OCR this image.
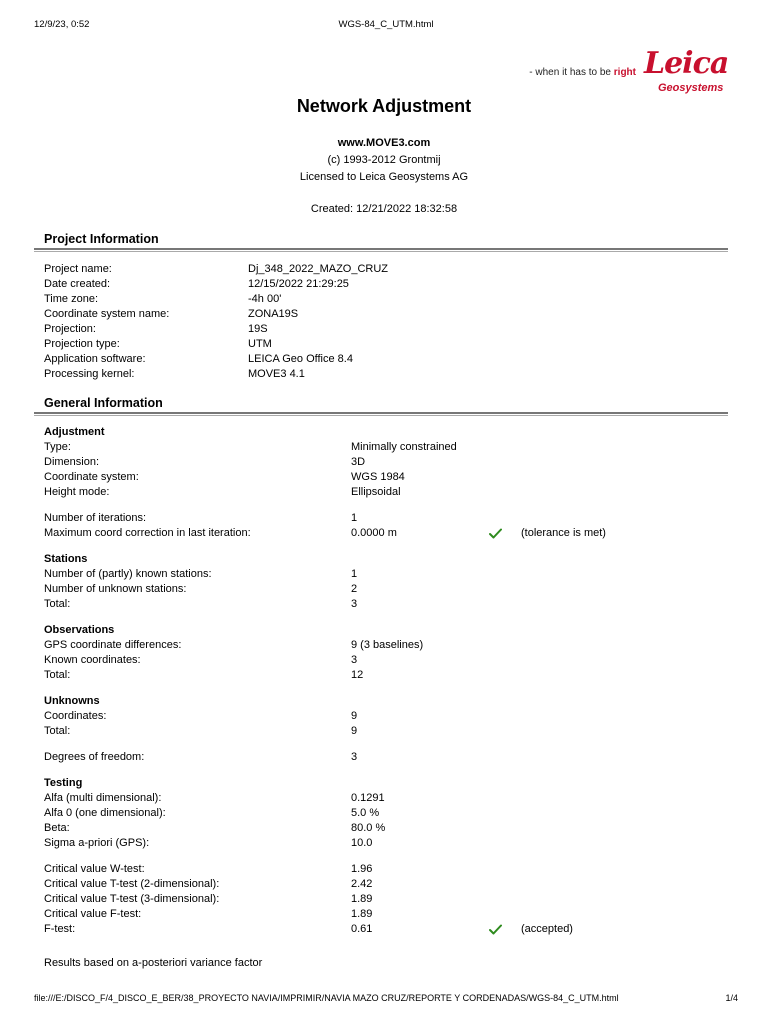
12/9/23, 0:52	WGS-84_C_UTM.html
- when it has to be right Leica
Geosystems
Network Adjustment
www.MOVE3.com
(c) 1993-2012 Grontmij
Licensed to Leica Geosystems AG
Created: 12/21/2022 18:32:58
Project Information
Project name:	Dj_348_2022_MAZO_CRUZ
Date created:	12/15/2022 21:29:25
Time zone:	-4h 00'
Coordinate system name:	ZONA19S
Projection:	19S
Projection type:	UTM
Application software:	LEICA Geo Office 8.4
Processing kernel:	MOVE3 4.1
General Information
Adjustment
Type:	Minimally constrained
Dimension:	3D
Coordinate system:	WGS 1984
Height mode:	Ellipsoidal
Number of iterations:	1
Maximum coord correction in last iteration:	0.0000 m	(tolerance is met)
Stations
Number of (partly) known stations:	1
Number of unknown stations:	2
Total:	3
Observations
GPS coordinate differences:	9 (3 baselines)
Known coordinates:	3
Total:	12
Unknowns
Coordinates:	9
Total:	9
Degrees of freedom:	3
Testing
Alfa (multi dimensional):	0.1291
Alfa 0 (one dimensional):	5.0 %
Beta:	80.0 %
Sigma a-priori (GPS):	10.0
Critical value W-test:	1.96
Critical value T-test (2-dimensional):	2.42
Critical value T-test (3-dimensional):	1.89
Critical value F-test:	1.89
F-test:	0.61	(accepted)
Results based on a-posteriori variance factor
file:///E:/DISCO_F/4_DISCO_E_BER/38_PROYECTO NAVIA/IMPRIMIR/NAVIA MAZO CRUZ/REPORTE Y CORDENADAS/WGS-84_C_UTM.html	1/4
